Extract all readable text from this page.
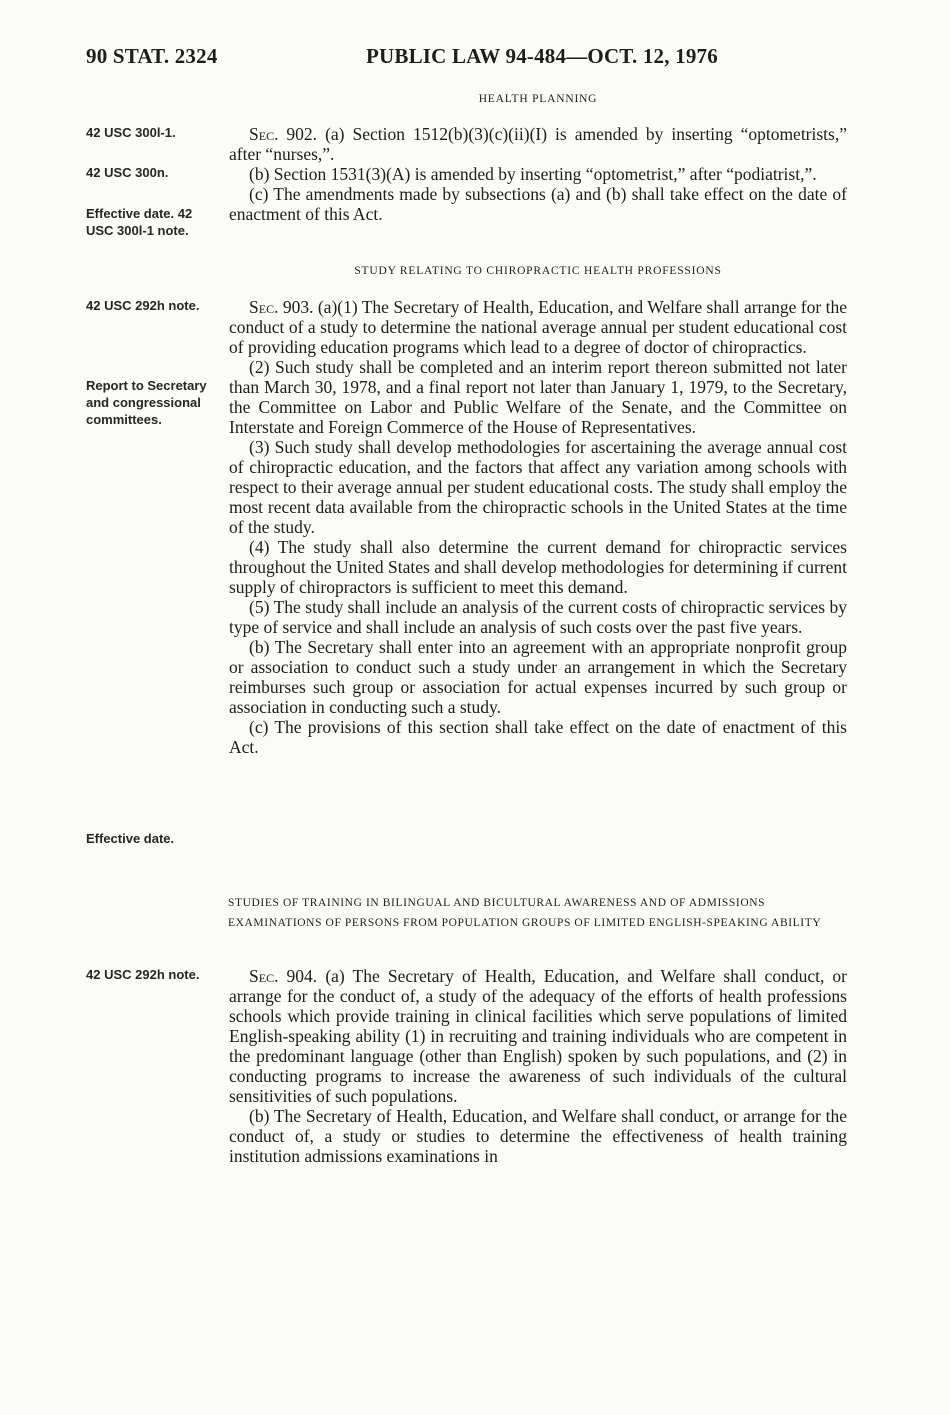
90 STAT. 2324	PUBLIC LAW 94-484—OCT. 12, 1976
HEALTH PLANNING
42 USC 300l-1.
42 USC 300n.
Effective date. 42 USC 300l-1 note.
42 USC 292h note.
Report to Secretary and congressional committees.
Effective date.
42 USC 292h note.

Sec. 902. (a) Section 1512(b)(3)(c)(ii)(I) is amended by inserting “optometrists,” after “nurses,”.

(b) Section 1531(3)(A) is amended by inserting “optometrist,” after “podiatrist,”.

(c) The amendments made by subsections (a) and (b) shall take effect on the date of enactment of this Act.

STUDY RELATING TO CHIROPRACTIC HEALTH PROFESSIONS

Sec. 903. (a)(1) The Secretary of Health, Education, and Welfare shall arrange for the conduct of a study to determine the national average annual per student educational cost of providing education programs which lead to a degree of doctor of chiropractics.

(2) Such study shall be completed and an interim report thereon submitted not later than March 30, 1978, and a final report not later than January 1, 1979, to the Secretary, the Committee on Labor and Public Welfare of the Senate, and the Committee on Interstate and Foreign Commerce of the House of Representatives.

(3) Such study shall develop methodologies for ascertaining the average annual cost of chiropractic education, and the factors that affect any variation among schools with respect to their average annual per student educational costs. The study shall employ the most recent data available from the chiropractic schools in the United States at the time of the study.

(4) The study shall also determine the current demand for chiropractic services throughout the United States and shall develop methodologies for determining if current supply of chiropractors is sufficient to meet this demand.

(5) The study shall include an analysis of the current costs of chiropractic services by type of service and shall include an analysis of such costs over the past five years.

(b) The Secretary shall enter into an agreement with an appropriate nonprofit group or association to conduct such a study under an arrangement in which the Secretary reimburses such group or association for actual expenses incurred by such group or association in conducting such a study.

(c) The provisions of this section shall take effect on the date of enactment of this Act.

STUDIES OF TRAINING IN BILINGUAL AND BICULTURAL AWARENESS AND OF ADMISSIONS EXAMINATIONS OF PERSONS FROM POPULATION GROUPS OF LIMITED ENGLISH-SPEAKING ABILITY

Sec. 904. (a) The Secretary of Health, Education, and Welfare shall conduct, or arrange for the conduct of, a study of the adequacy of the efforts of health professions schools which provide training in clinical facilities which serve populations of limited English-speaking ability (1) in recruiting and training individuals who are competent in the predominant language (other than English) spoken by such populations, and (2) in conducting programs to increase the awareness of such individuals of the cultural sensitivities of such populations.

(b) The Secretary of Health, Education, and Welfare shall conduct, or arrange for the conduct of, a study or studies to determine the effectiveness of health training institution admissions examinations in
